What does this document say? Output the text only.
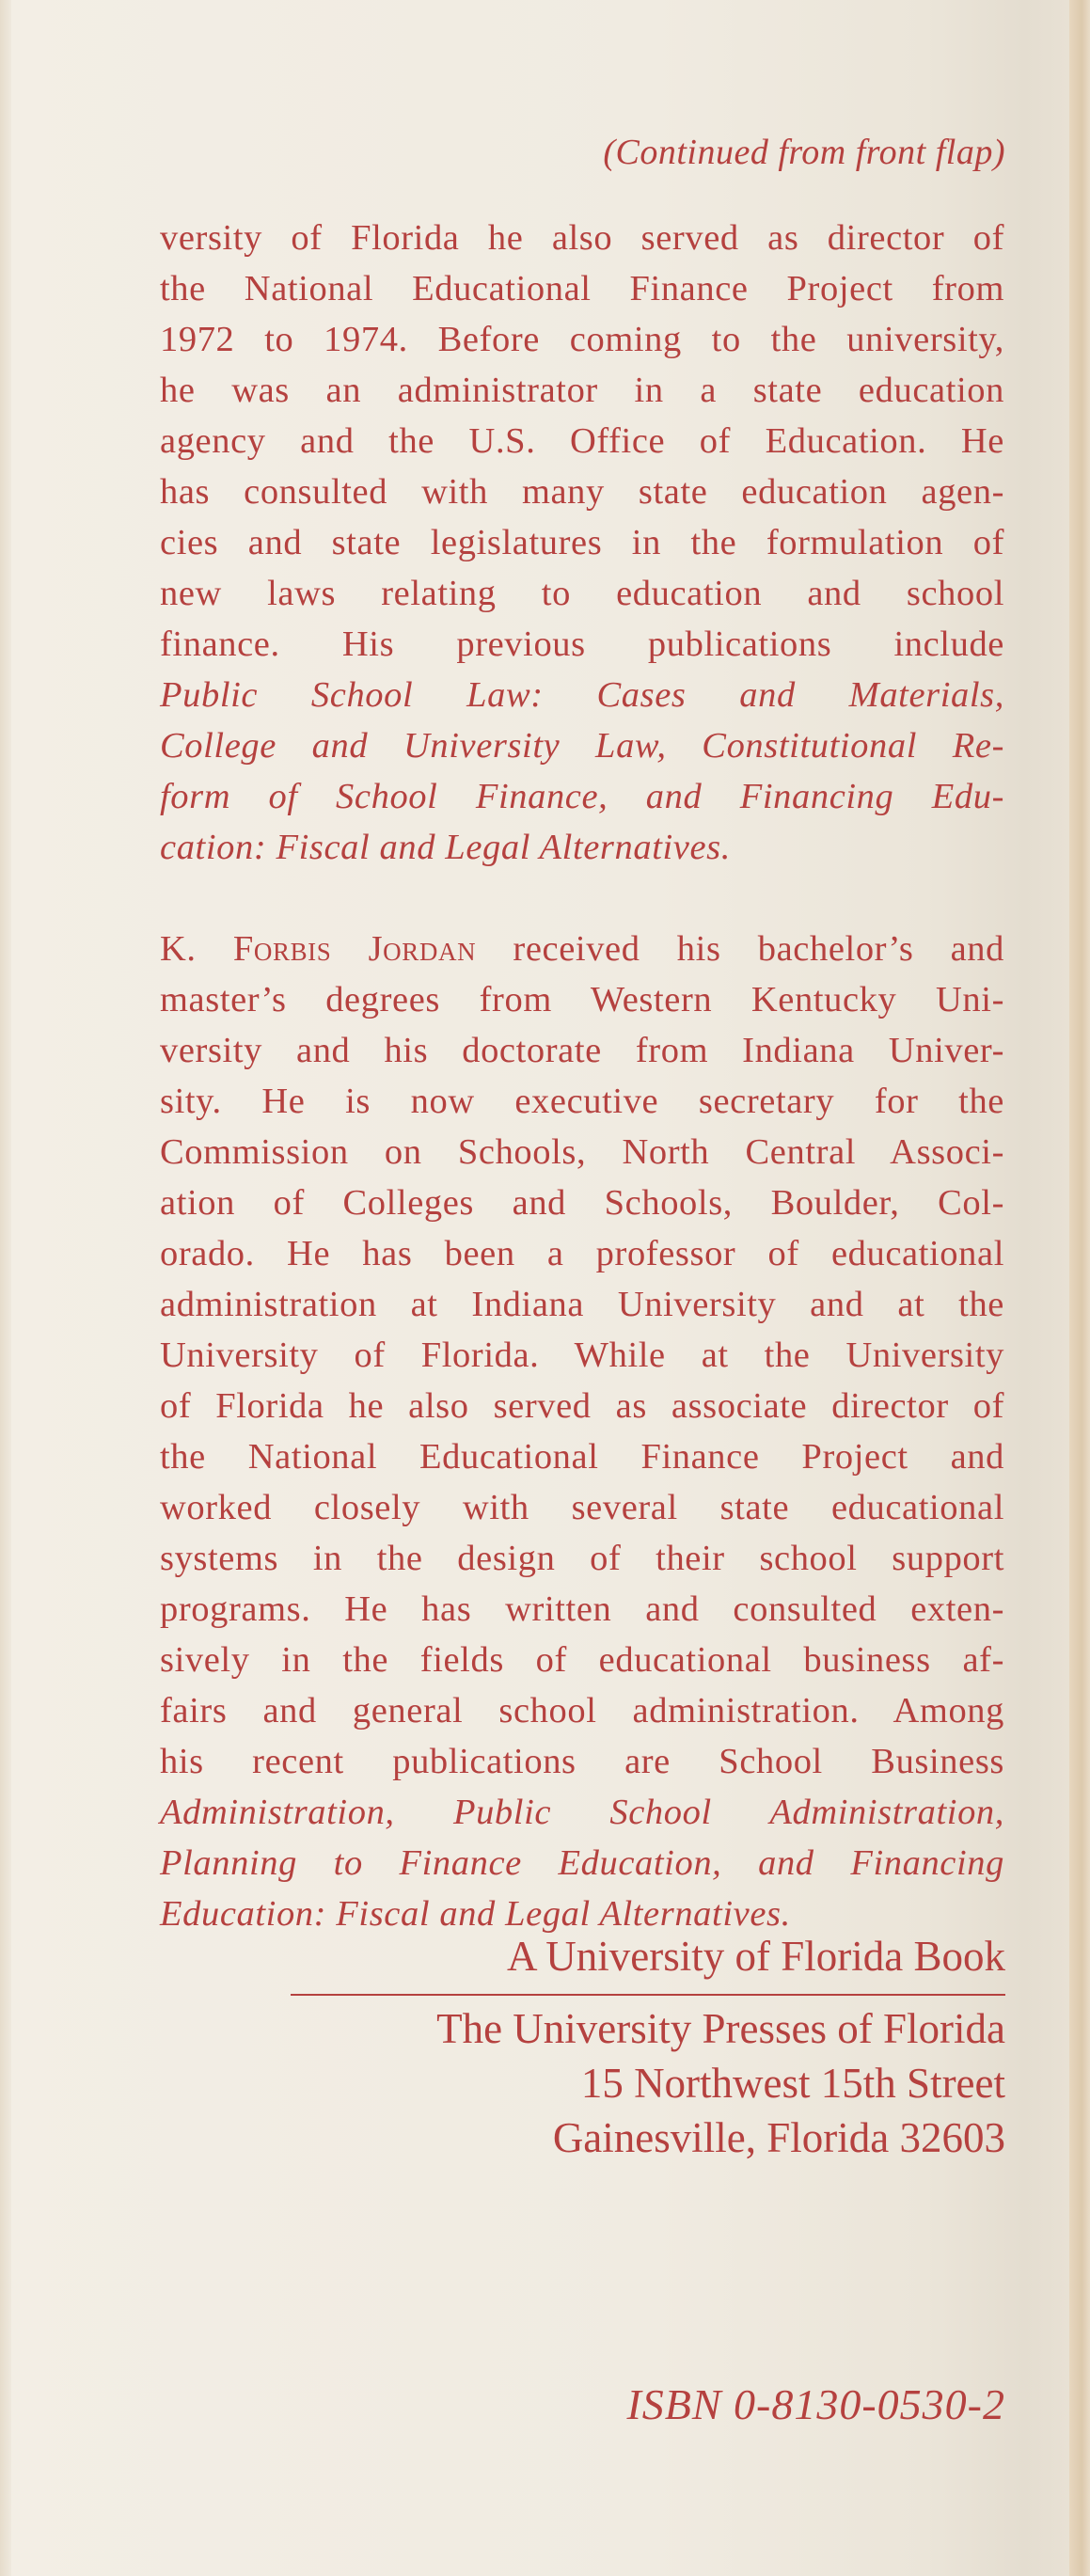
(Continued from front flap)
versity of Florida he also served as director of
the National Educational Finance Project from
1972 to 1974. Before coming to the university,
he was an administrator in a state education
agency and the U.S. Office of Education. He
has consulted with many state education agen-
cies and state legislatures in the formulation of
new laws relating to education and school
finance. His previous publications include
Public School Law: Cases and Materials,
College and University Law, Constitutional Re-
form of School Finance, and Financing Edu-
cation: Fiscal and Legal Alternatives.
K. Forbis Jordan received his bachelor’s and
master’s degrees from Western Kentucky Uni-
versity and his doctorate from Indiana Univer-
sity. He is now executive secretary for the
Commission on Schools, North Central Associ-
ation of Colleges and Schools, Boulder, Col-
orado. He has been a professor of educational
administration at Indiana University and at the
University of Florida. While at the University
of Florida he also served as associate director of
the National Educational Finance Project and
worked closely with several state educational
systems in the design of their school support
programs. He has written and consulted exten-
sively in the fields of educational business af-
fairs and general school administration. Among
his recent publications are School Business
Administration, Public School Administration,
Planning to Finance Education, and Financing
Education: Fiscal and Legal Alternatives.
A University of Florida Book
The University Presses of Florida
15 Northwest 15th Street
Gainesville, Florida 32603
ISBN 0-8130-0530-2
